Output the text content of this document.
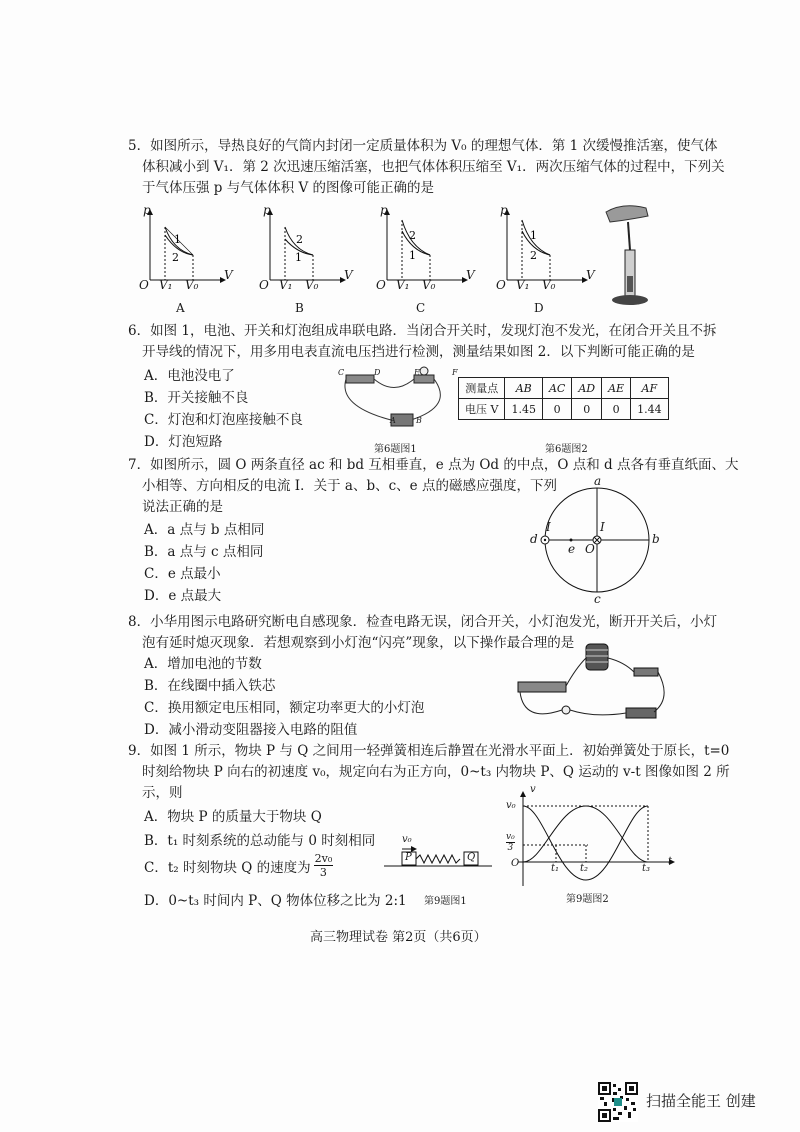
5．如图所示，导热良好的气筒内封闭一定质量体积为 V₀ 的理想气体．第 1 次缓慢推活塞，使气体
体积减小到 V₁．第 2 次迅速压缩活塞，也把气体体积压缩至 V₁．两次压缩气体的过程中，下列关
于气体压强 p 与气体体积 V 的图像可能正确的是
1
2
2
1
2
1
1
2
O V₁ V₀	O V₁ V₀	O V₁ V₀	O V₁ V₀
p	p	p	p
V	V	V	V
A	B	C	D
6．如图 1，电池、开关和灯泡组成串联电路．当闭合开关时，发现灯泡不发光，在闭合开关且不拆
开导线的情况下，用多用电表直流电压挡进行检测，测量结果如图 2．以下判断可能正确的是
A．电池没电了
B．开关接触不良
C．灯泡和灯泡座接触不良
D．灯泡短路
C	D	E	F
A	B
第6题图1
测量点	AB	AC	AD	AE	AF
电压 V	1.45	0	0	0	1.44
第6题图2
7．如图所示，圆 O 两条直径 ac 和 bd 互相垂直，e 点为 Od 的中点，O 点和 d 点各有垂直纸面、大
小相等、方向相反的电流 I．关于 a、b、c、e 点的磁感应强度，下列
说法正确的是
A．a 点与 b 点相同
B．a 点与 c 点相同
C．e 点最小
D．e 点最大
a
b
c
d
e O
I	I
8．小华用图示电路研究断电自感现象．检查电路无误，闭合开关，小灯泡发光，断开开关后，小灯
泡有延时熄灭现象．若想观察到小灯泡“闪亮”现象，以下操作最合理的是
A．增加电池的节数
B．在线圈中插入铁芯
C．换用额定电压相同，额定功率更大的小灯泡
D．减小滑动变阻器接入电路的阻值
9．如图 1 所示，物块 P 与 Q 之间用一轻弹簧相连后静置在光滑水平面上．初始弹簧处于原长，t=0
时刻给物块 P 向右的初速度 v₀，规定向右为正方向，0~t₃ 内物块 P、Q 运动的 v-t 图像如图 2 所
示，则
A．物块 P 的质量大于物块 Q
B．t₁ 时刻系统的总动能与 0 时刻相同
C．t₂ 时刻物块 Q 的速度为
2v₀
3
D．0~t₃ 时间内 P、Q 物体位移之比为 2:1
v₀
P	Q
第9题图1
v
v₀
v₀
3
O	t₁ t₂	t₃
t
第9题图2
高三物理试卷 第2页（共6页）
扫描全能王 创建
